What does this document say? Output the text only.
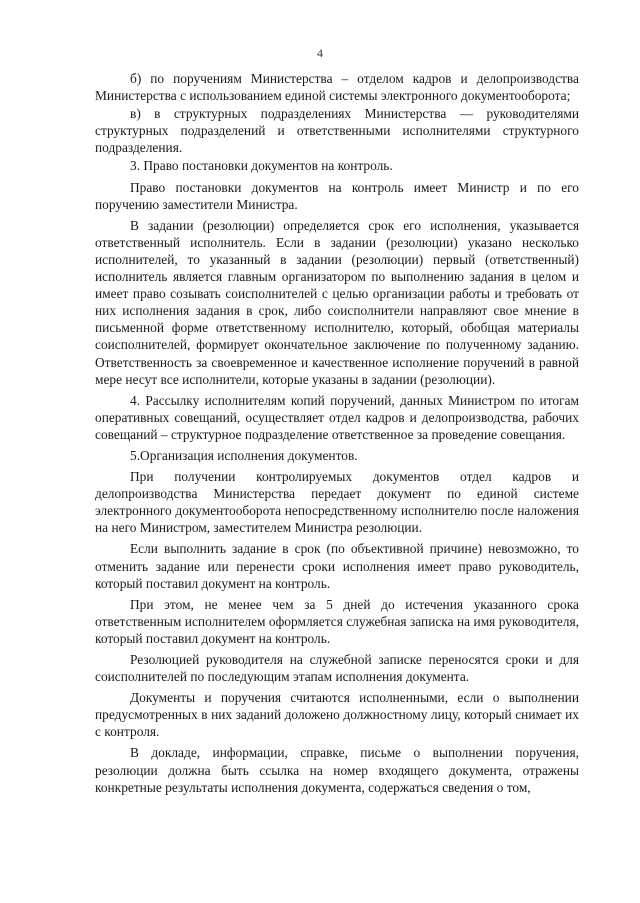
4

б) по поручениям Министерства – отделом кадров и делопроизводства Министерства с использованием единой системы электронного документооборота;

в) в структурных подразделениях Министерства — руководителями структурных подразделений и ответственными исполнителями структурного подразделения.

3. Право постановки документов на контроль.

Право постановки документов на контроль имеет Министр и по его поручению заместители Министра.

В задании (резолюции) определяется срок его исполнения, указывается ответственный исполнитель. Если в задании (резолюции) указано несколько исполнителей, то указанный в задании (резолюции) первый (ответственный) исполнитель является главным организатором по выполнению задания в целом и имеет право созывать соисполнителей с целью организации работы и требовать от них исполнения задания в срок, либо соисполнители направляют свое мнение в письменной форме ответственному исполнителю, который, обобщая материалы соисполнителей, формирует окончательное заключение по полученному заданию. Ответственность за своевременное и качественное исполнение поручений в равной мере несут все исполнители, которые указаны в задании (резолюции).

4. Рассылку исполнителям копий поручений, данных Министром по итогам оперативных совещаний, осуществляет отдел кадров и делопроизводства, рабочих совещаний – структурное подразделение ответственное за проведение совещания.

5.Организация исполнения документов.

При получении контролируемых документов отдел кадров и делопроизводства Министерства передает документ по единой системе электронного документооборота непосредственному исполнителю после наложения на него Министром, заместителем Министра резолюции.

Если выполнить задание в срок (по объективной причине) невозможно, то отменить задание или перенести сроки исполнения имеет право руководитель, который поставил документ на контроль.

При этом, не менее чем за 5 дней до истечения указанного срока ответственным исполнителем оформляется служебная записка на имя руководителя, который поставил документ на контроль.

Резолюцией руководителя на служебной записке переносятся сроки и для соисполнителей по последующим этапам исполнения документа.

Документы и поручения считаются исполненными, если о выполнении предусмотренных в них заданий доложено должностному лицу, который снимает их с контроля.

В докладе, информации, справке, письме о выполнении поручения, резолюции должна быть ссылка на номер входящего документа, отражены конкретные результаты исполнения документа, содержаться сведения о том,
